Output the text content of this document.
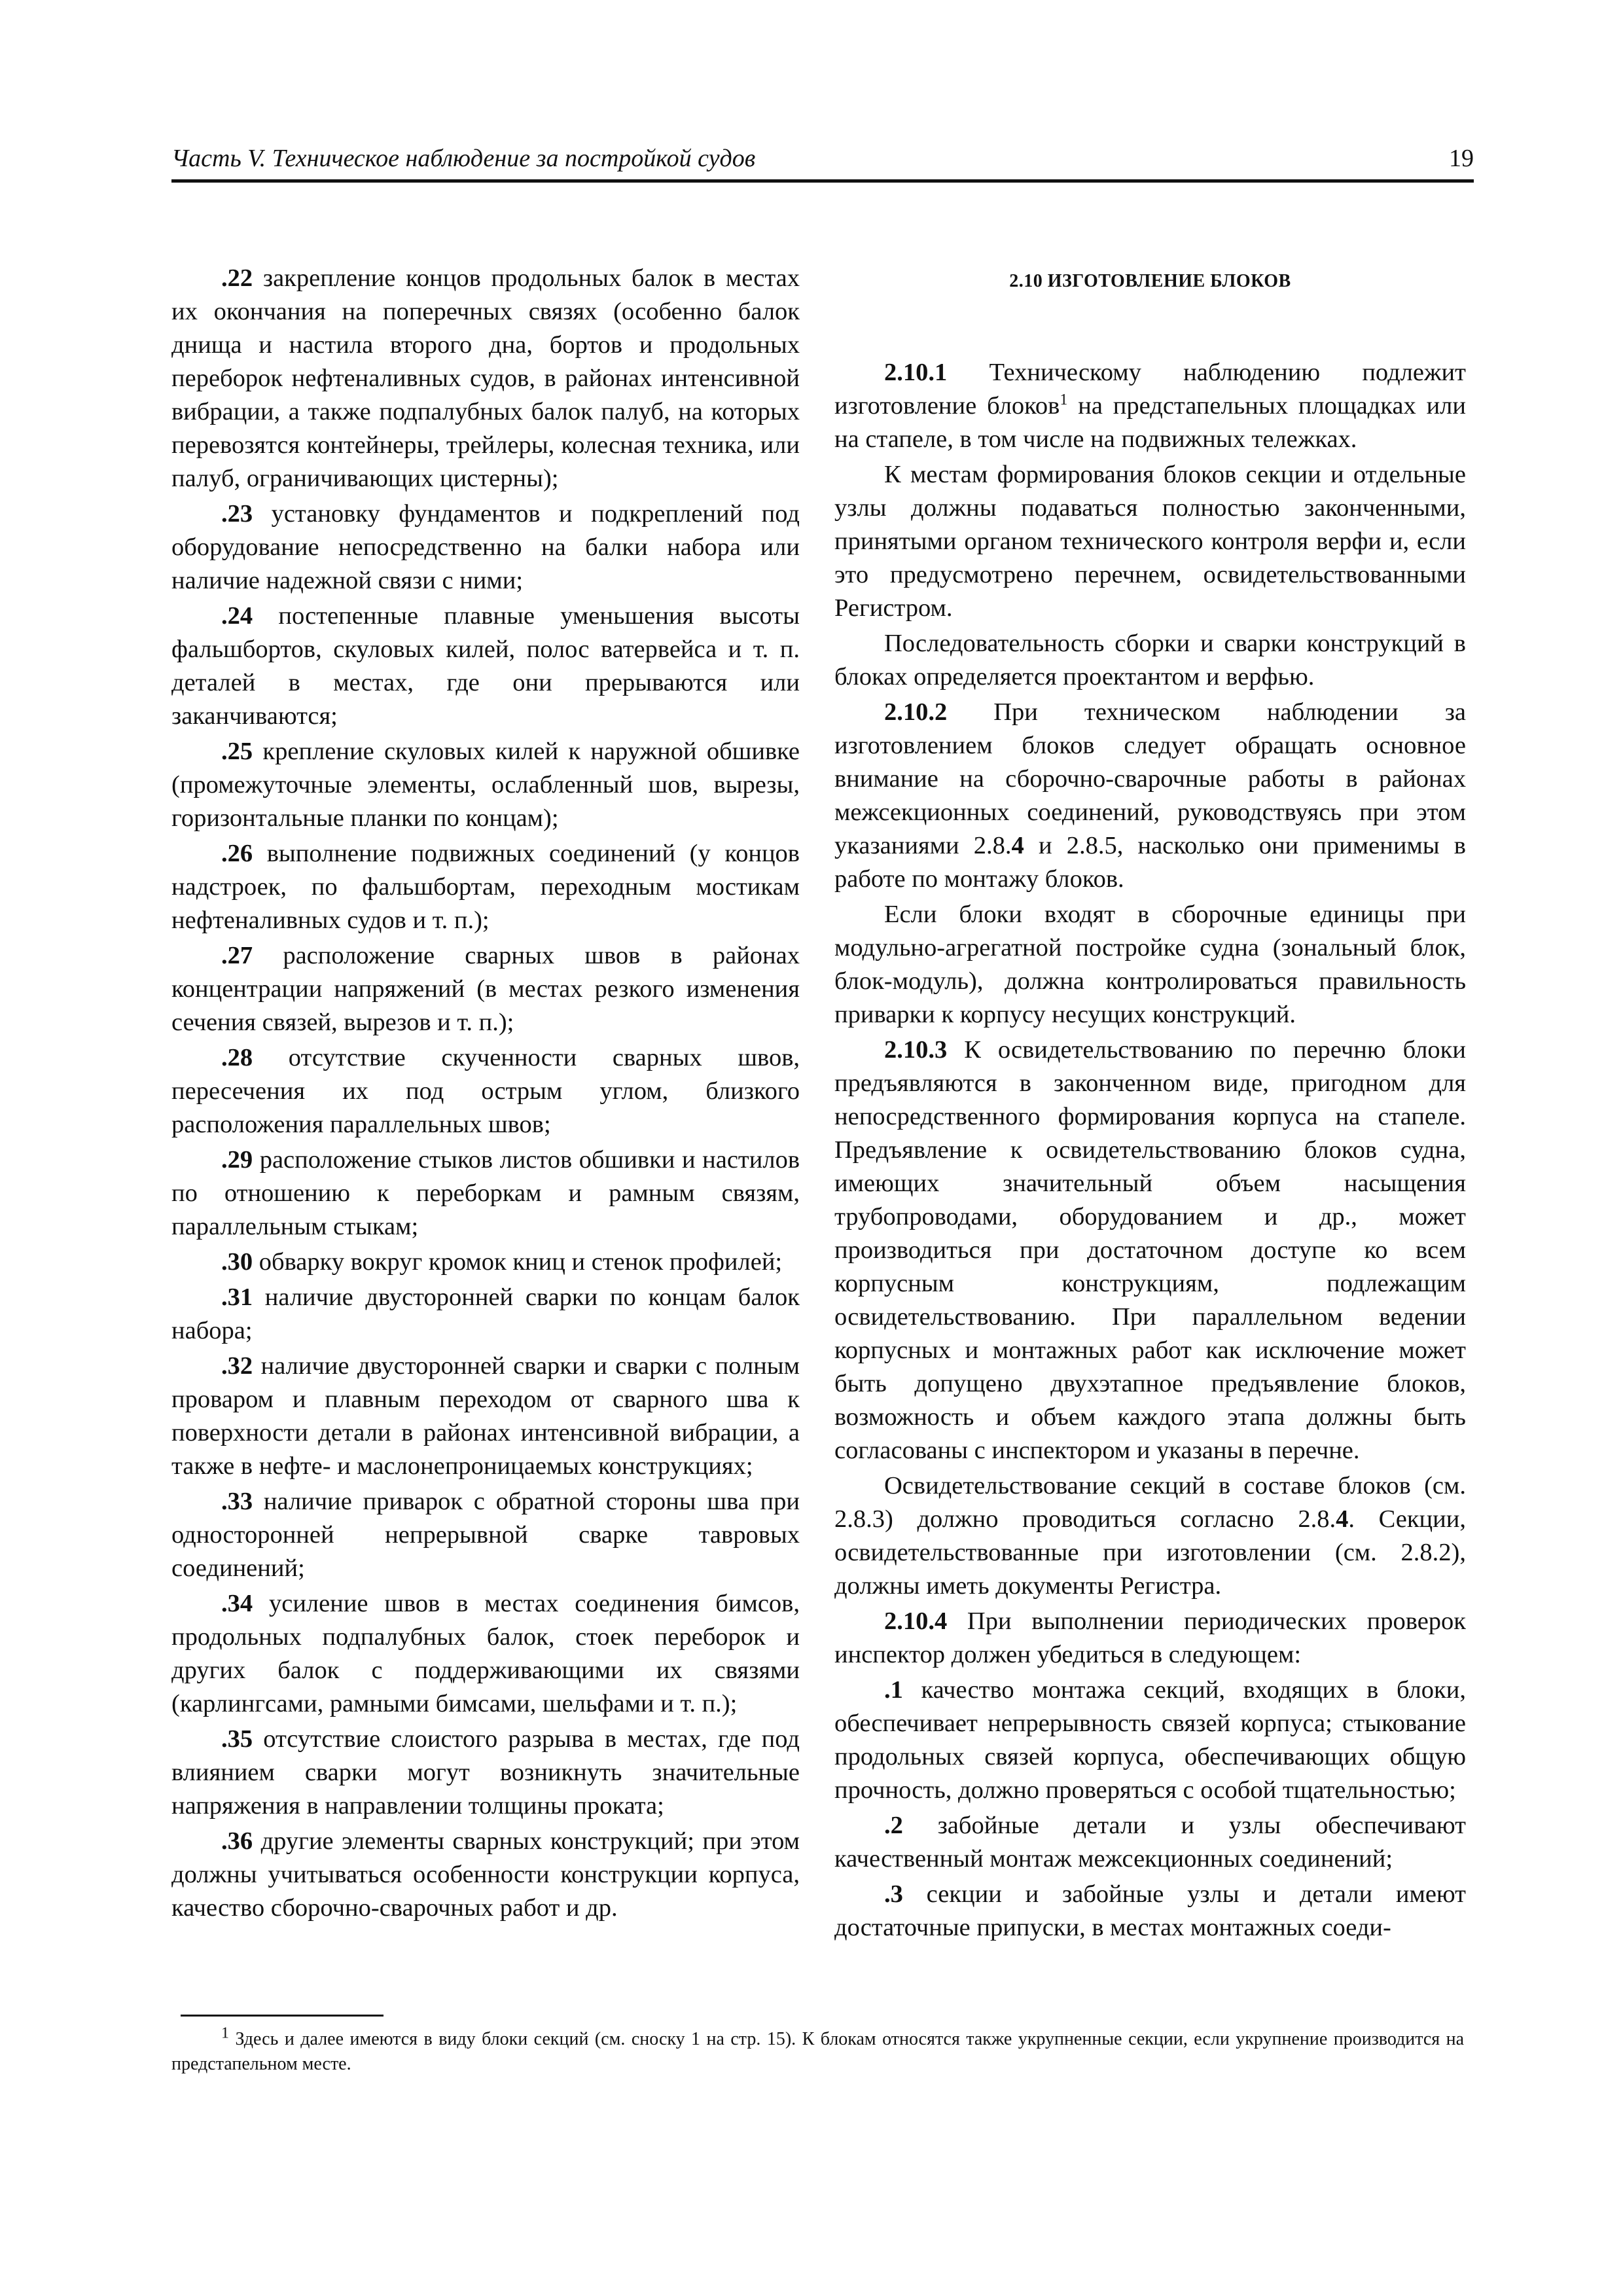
Часть V. Техническое наблюдение за постройкой судов	19

.22 закрепление концов продольных балок в местах их окончания на поперечных связях (особенно балок днища и настила второго дна, бортов и продольных переборок нефтеналивных судов, в районах интенсивной вибрации, а также подпалубных балок палуб, на которых перевозятся контейнеры, трейлеры, колесная техника, или палуб, ограничивающих цистерны);

.23 установку фундаментов и подкреплений под оборудование непосредственно на балки набора или наличие надежной связи с ними;

.24 постепенные плавные уменьшения высоты фальшбортов, скуловых килей, полос ватервейса и т. п. деталей в местах, где они прерываются или заканчиваются;

.25 крепление скуловых килей к наружной обшивке (промежуточные элементы, ослабленный шов, вырезы, горизонтальные планки по концам);

.26 выполнение подвижных соединений (у концов надстроек, по фальшбортам, переходным мостикам нефтеналивных судов и т. п.);

.27 расположение сварных швов в районах концентрации напряжений (в местах резкого изменения сечения связей, вырезов и т. п.);

.28 отсутствие скученности сварных швов, пересечения их под острым углом, близкого расположения параллельных швов;

.29 расположение стыков листов обшивки и настилов по отношению к переборкам и рамным связям, параллельным стыкам;

.30 обварку вокруг кромок книц и стенок профилей;

.31 наличие двусторонней сварки по концам балок набора;

.32 наличие двусторонней сварки и сварки с полным проваром и плавным переходом от сварного шва к поверхности детали в районах интенсивной вибрации, а также в нефте- и маслонепроницаемых конструкциях;

.33 наличие приварок с обратной стороны шва при односторонней непрерывной сварке тавровых соединений;

.34 усиление швов в местах соединения бимсов, продольных подпалубных балок, стоек переборок и других балок с поддерживающими их связями (карлингсами, рамными бимсами, шельфами и т. п.);

.35 отсутствие слоистого разрыва в местах, где под влиянием сварки могут возникнуть значительные напряжения в направлении толщины проката;

.36 другие элементы сварных конструкций; при этом должны учитываться особенности конструкции корпуса, качество сборочно-сварочных работ и др.

2.10 ИЗГОТОВЛЕНИЕ БЛОКОВ

2.10.1 Техническому наблюдению подлежит изготовление блоков$^1$ на предстапельных площадках или на стапеле, в том числе на подвижных тележках.

К местам формирования блоков секции и отдельные узлы должны подаваться полностью законченными, принятыми органом технического контроля верфи и, если это предусмотрено перечнем, освидетельствованными Регистром.

Последовательность сборки и сварки конструкций в блоках определяется проектантом и верфью.

2.10.2 При техническом наблюдении за изготовлением блоков следует обращать основное внимание на сборочно-сварочные работы в районах межсекционных соединений, руководствуясь при этом указаниями 2.8.4 и 2.8.5, насколько они применимы в работе по монтажу блоков.

Если блоки входят в сборочные единицы при модульно-агрегатной постройке судна (зональный блок, блок-модуль), должна контролироваться правильность приварки к корпусу несущих конструкций.

2.10.3 К освидетельствованию по перечню блоки предъявляются в законченном виде, пригодном для непосредственного формирования корпуса на стапеле. Предъявление к освидетельствованию блоков судна, имеющих значительный объем насыщения трубопроводами, оборудованием и др., может производиться при достаточном доступе ко всем корпусным конструкциям, подлежащим освидетельствованию. При параллельном ведении корпусных и монтажных работ как исключение может быть допущено двухэтапное предъявление блоков, возможность и объем каждого этапа должны быть согласованы с инспектором и указаны в перечне.

Освидетельствование секций в составе блоков (см. 2.8.3) должно проводиться согласно 2.8.4. Секции, освидетельствованные при изготовлении (см. 2.8.2), должны иметь документы Регистра.

2.10.4 При выполнении периодических проверок инспектор должен убедиться в следующем:

.1 качество монтажа секций, входящих в блоки, обеспечивает непрерывность связей корпуса; стыкование продольных связей корпуса, обеспечивающих общую прочность, должно проверяться с особой тщательностью;

.2 забойные детали и узлы обеспечивают качественный монтаж межсекционных соединений;

.3 секции и забойные узлы и детали имеют достаточные припуски, в местах монтажных соеди-

1 Здесь и далее имеются в виду блоки секций (см. сноску 1 на стр. 15). К блокам относятся также укрупненные секции, если укрупнение производится на предстапельном месте.
